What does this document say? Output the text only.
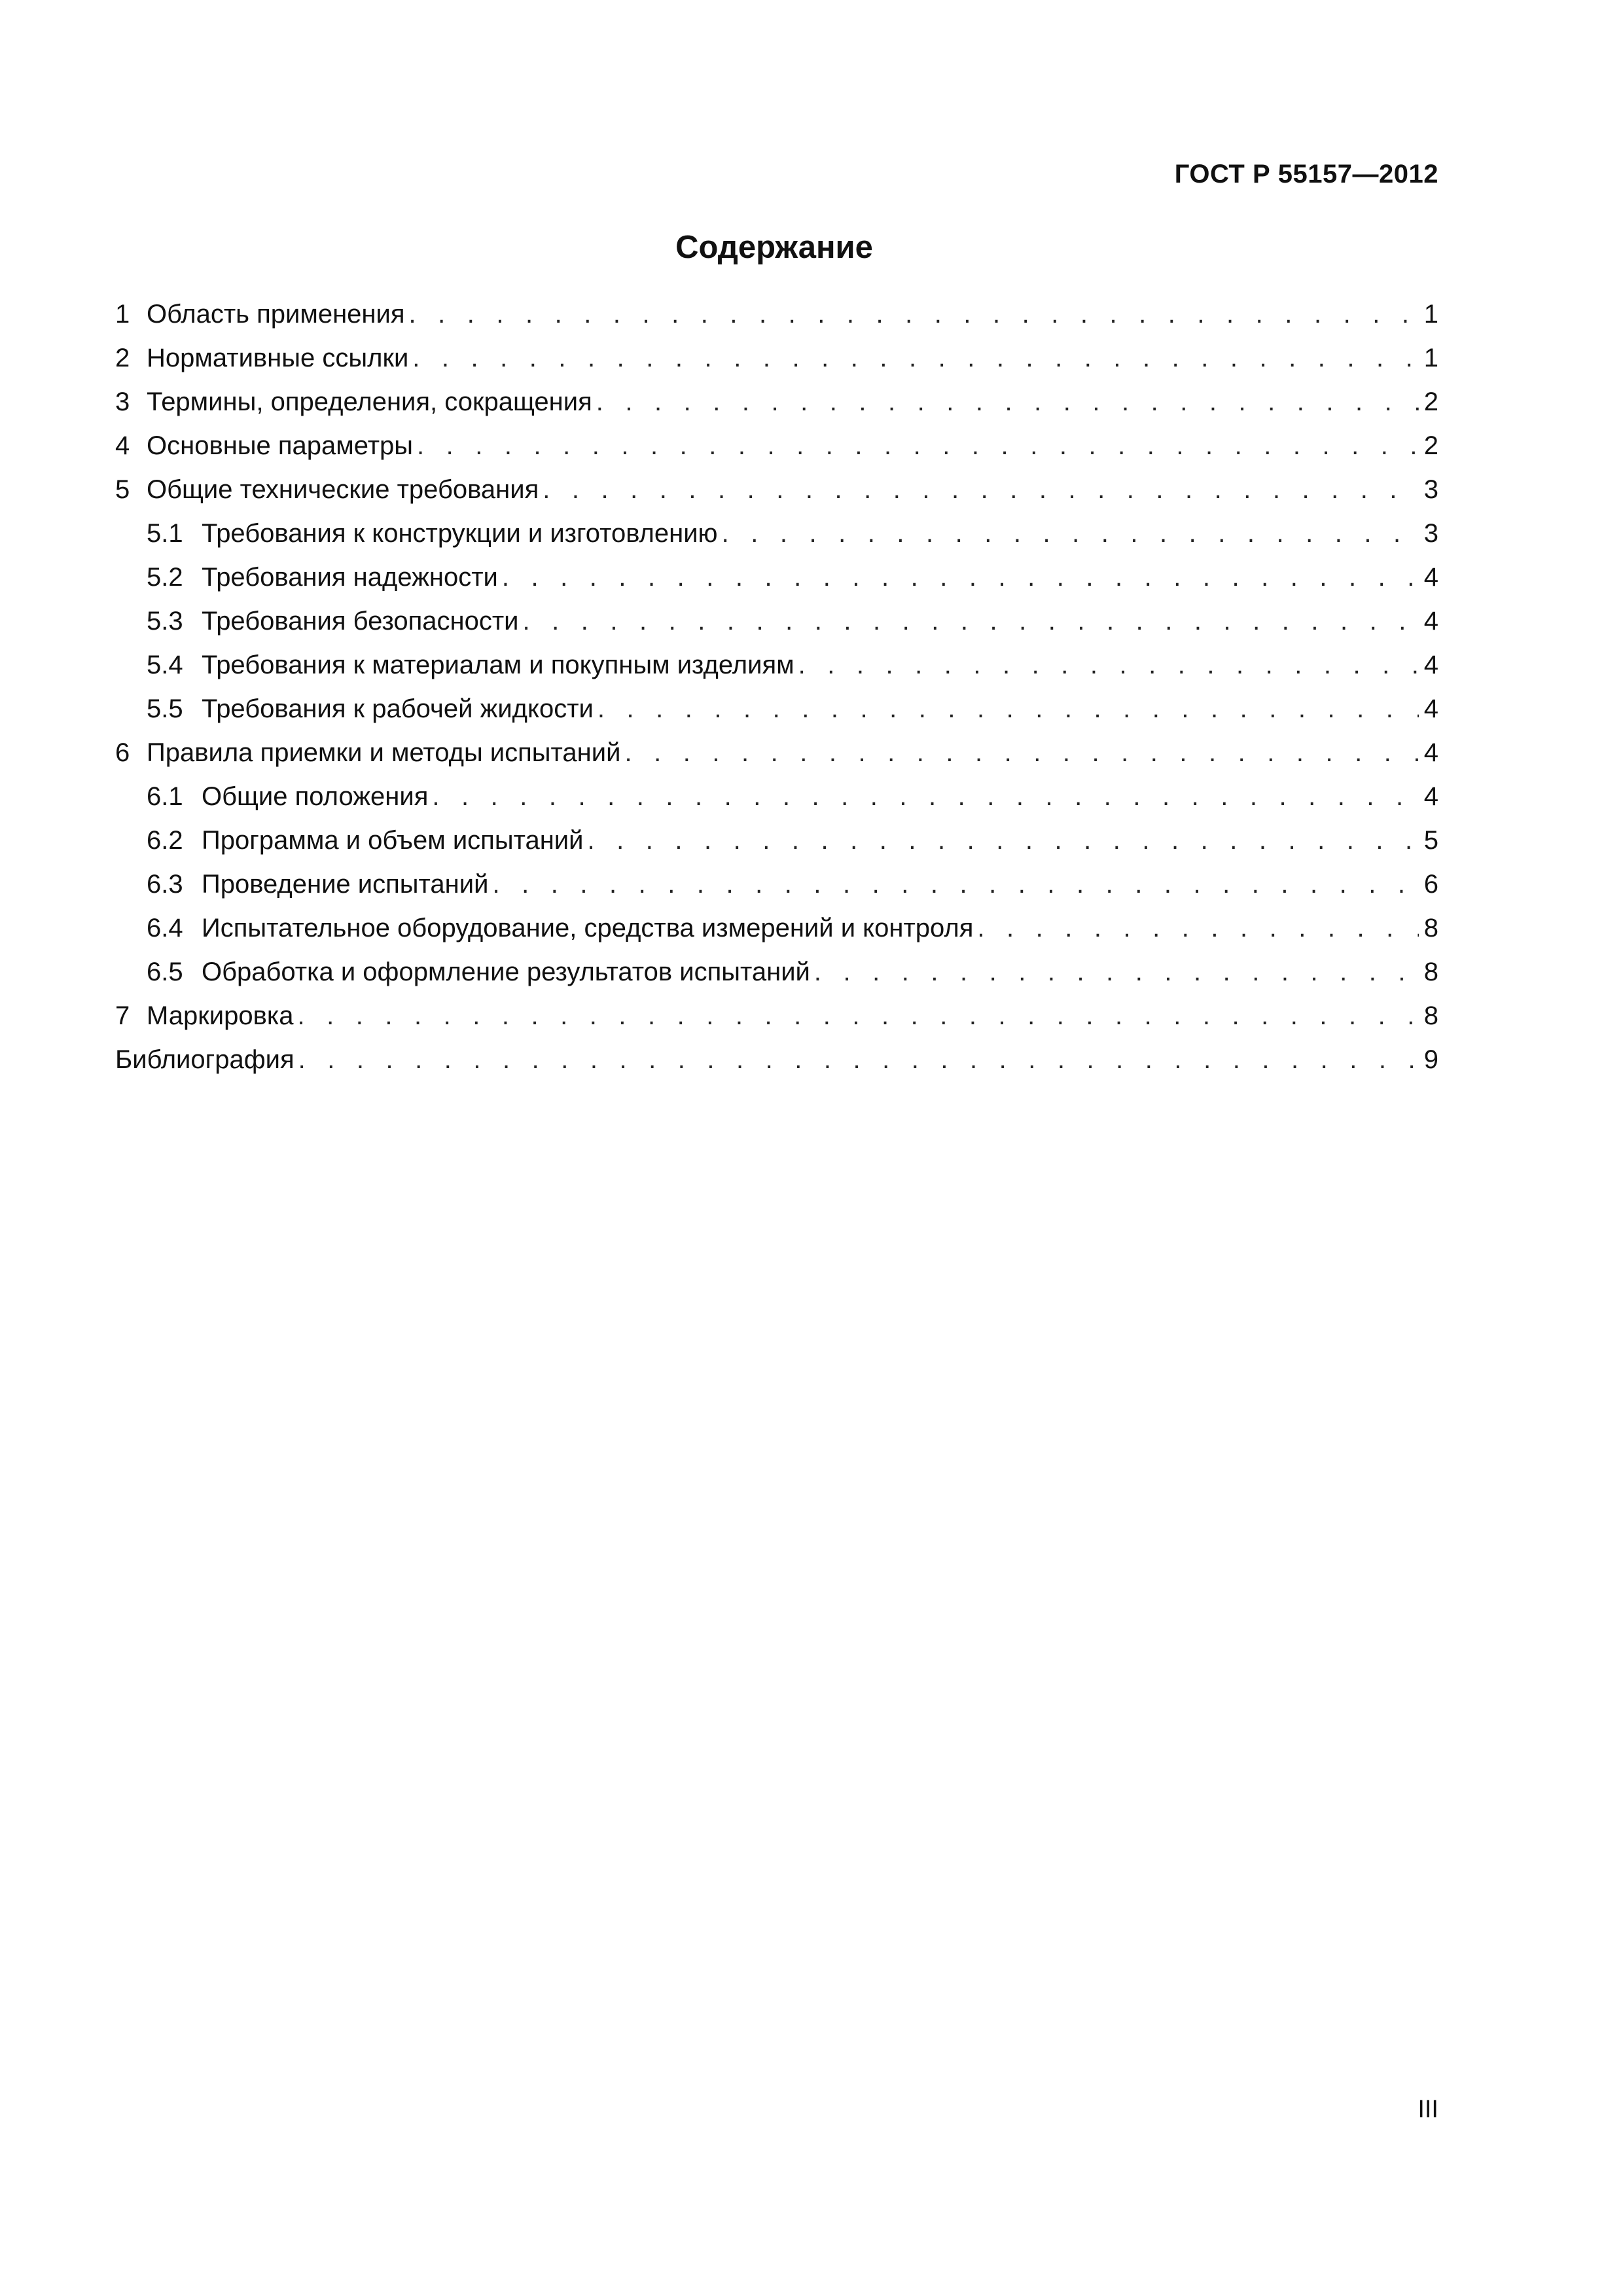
ГОСТ Р 55157—2012
Содержание
1 Область применения . . .	1
2 Нормативные ссылки . . .	1
3 Термины, определения, сокращения . . .	2
4 Основные параметры . . .	2
5 Общие технические требования . . .	3
5.1 Требования к конструкции и изготовлению . . .	3
5.2 Требования надежности . . .	4
5.3 Требования безопасности . . .	4
5.4 Требования к материалам и покупным изделиям . . .	4
5.5 Требования к рабочей жидкости . . .	4
6 Правила приемки и методы испытаний . . .	4
6.1 Общие положения . . .	4
6.2 Программа и объем испытаний . . .	5
6.3 Проведение испытаний . . .	6
6.4 Испытательное оборудование, средства измерений и контроля . . .	8
6.5 Обработка и оформление результатов испытаний . . .	8
7 Маркировка . . .	8
Библиография . . .	9
III
